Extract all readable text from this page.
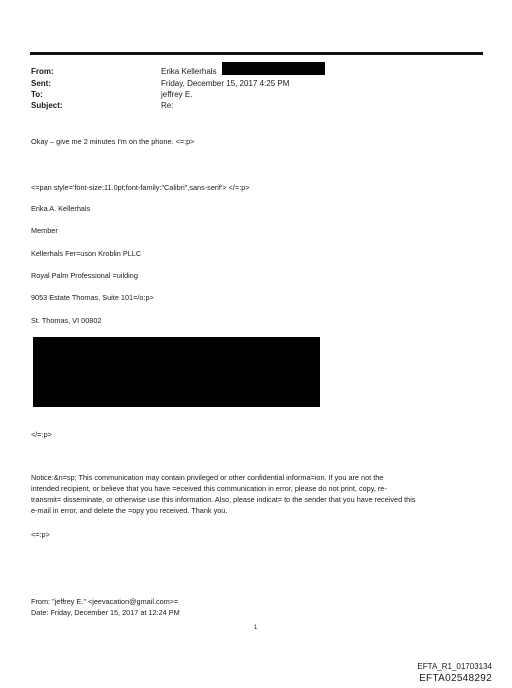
From:	Erika Kellerhals
Sent:	Friday, December 15, 2017 4:25 PM
To:	jeffrey E.
Subject:	Re:
Okay – give me 2 minutes I'm on the phone. <=:p>
<=pan style='font-size:11.0pt;font-family:"Calibri",sans-serif'> </=:p>
Erika A. Kellerhals
Member
Kellerhals Fer=uson Kroblin PLLC
Royal Palm Professional =uilding
9053 Estate Thomas, Suite 101=/o:p>
St. Thomas, VI 00802
</=:p>
Notice:&n=sp; This communication may contain privileged or other confidential informa=ion. If you are not the
intended recipient, or believe that you have =eceived this communication in error, please do not print, copy, re-
transmit= disseminate, or otherwise use this information. Also, please indicat= to the sender that you have received this
e-mail in error, and delete the =opy you received. Thank you.
<=:p>
From: "jeffrey E." <jeevacation@gmail.com>=
Date: Friday, December 15, 2017 at 12:24 PM
1
EFTA_R1_01703134
EFTA02548292
